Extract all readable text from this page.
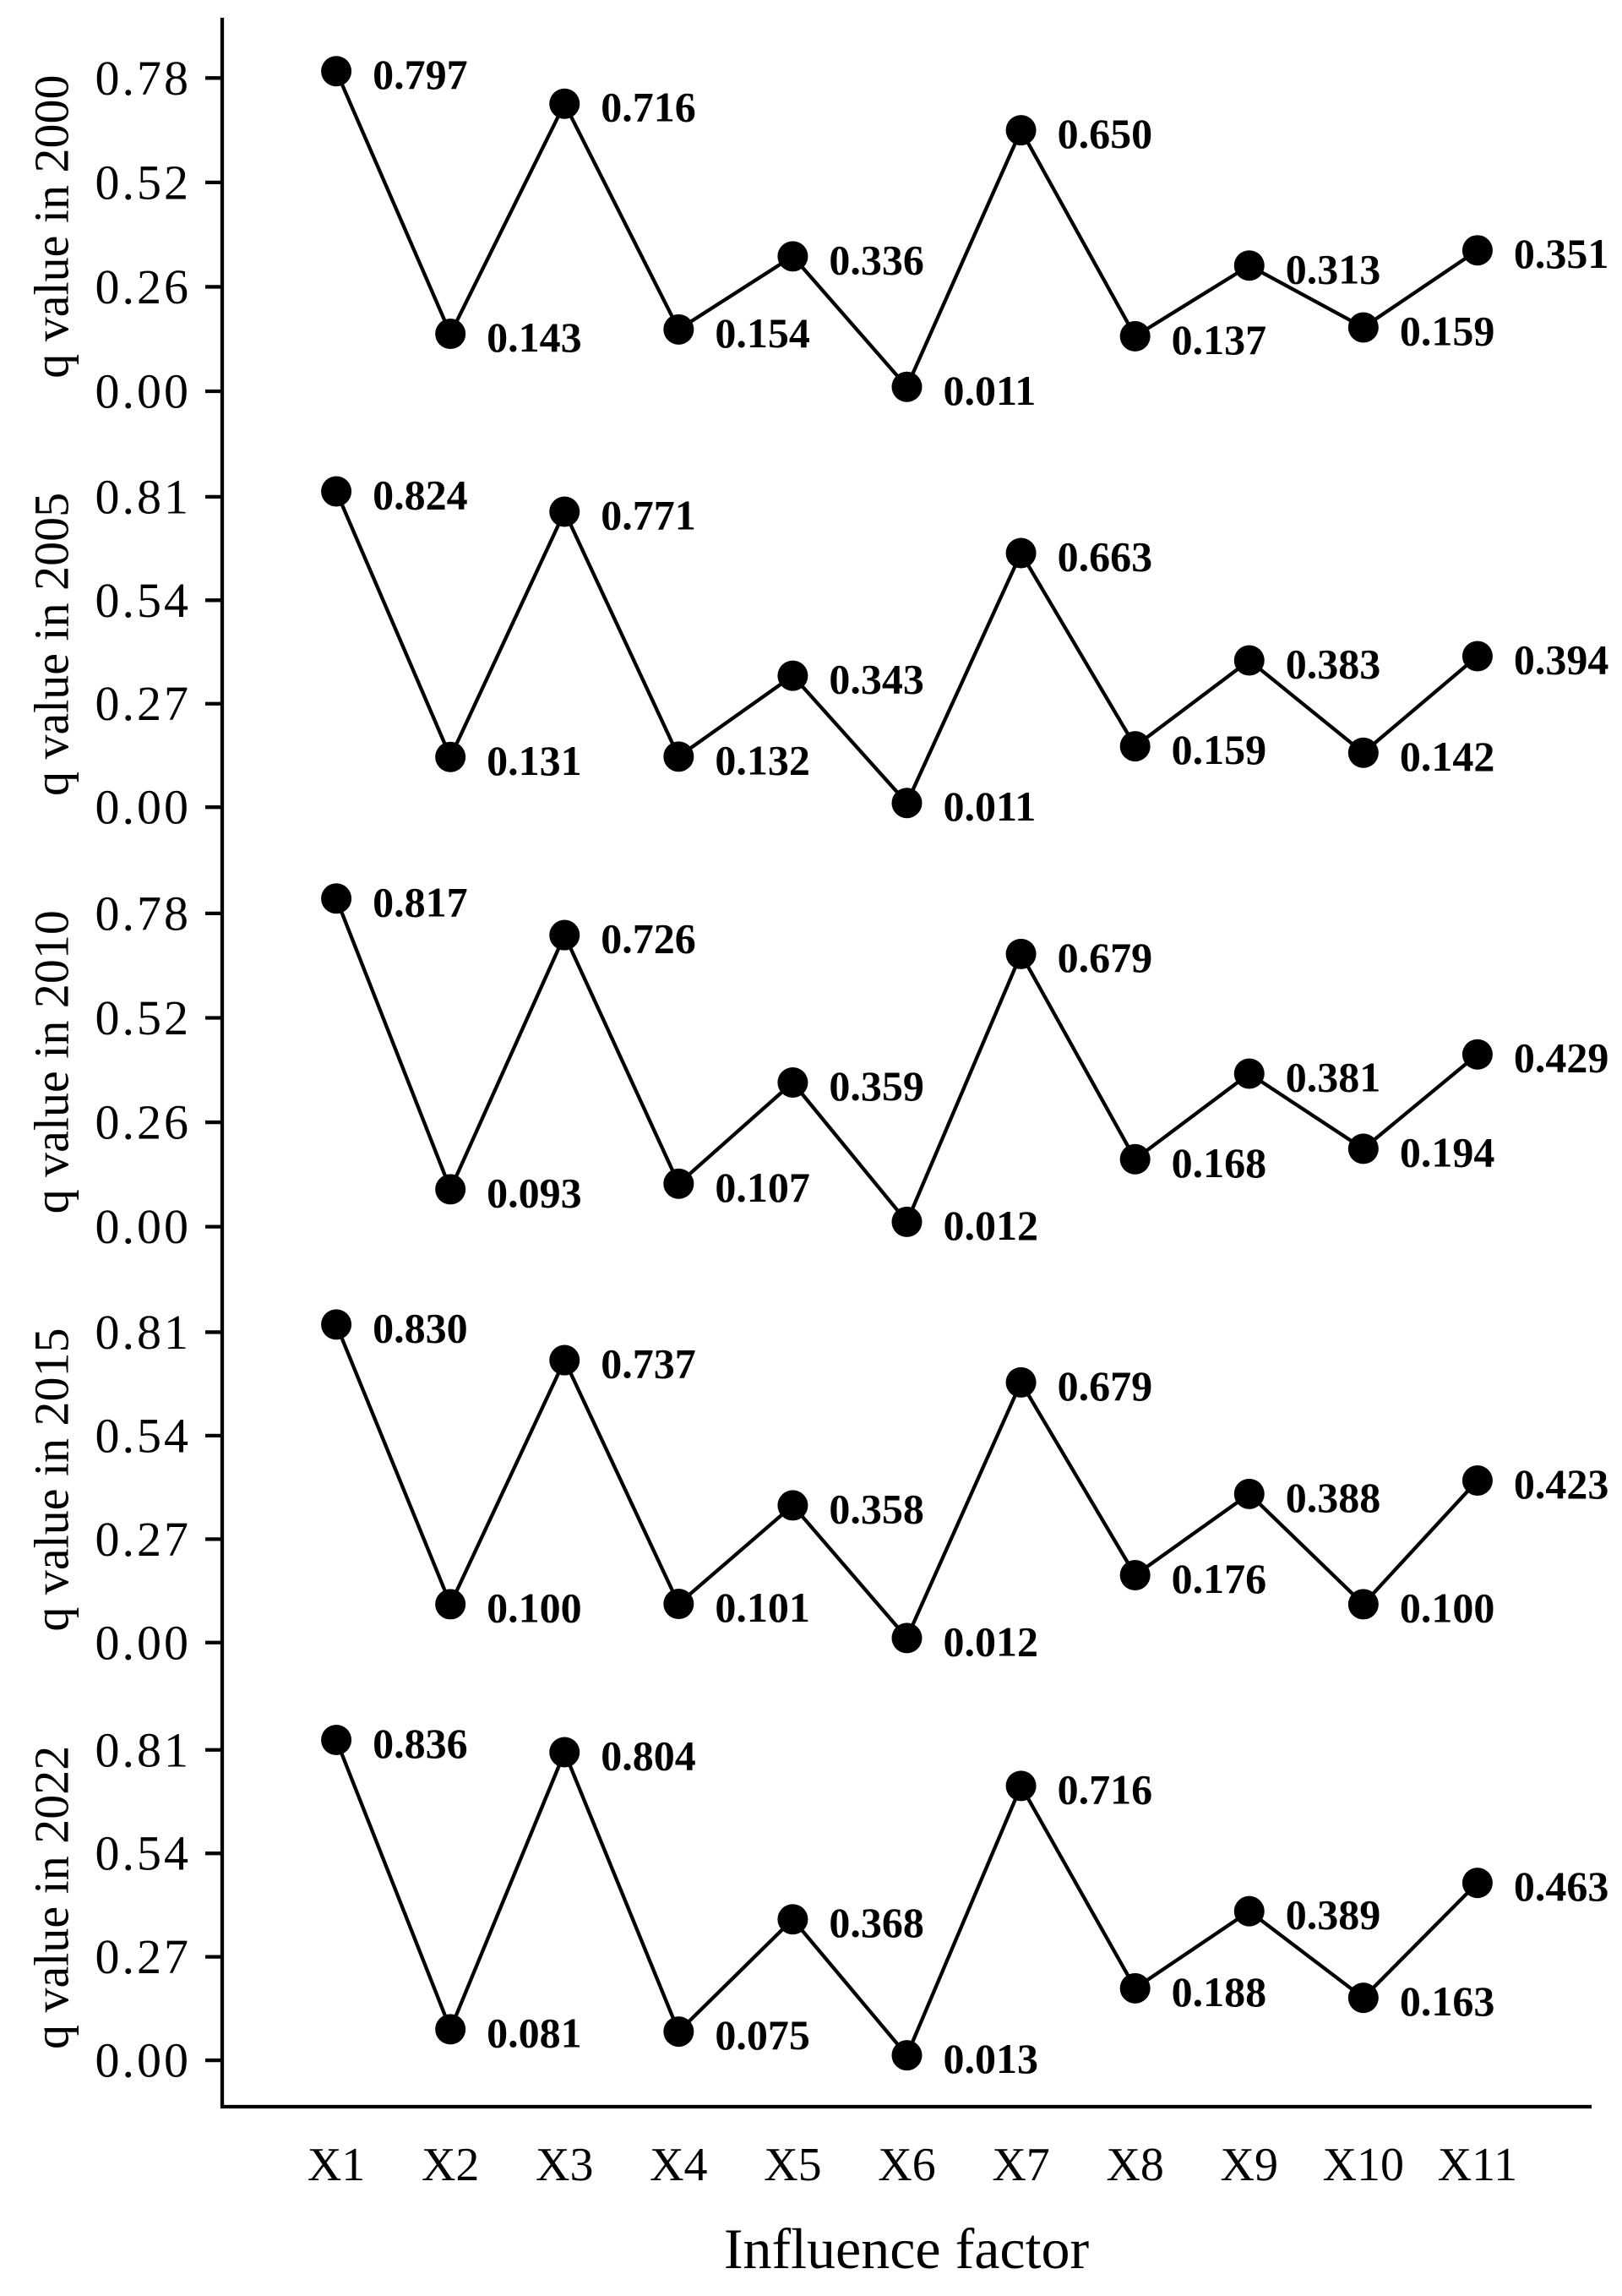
0.00
0.26
0.52
0.78
q value in 2000
0.797
0.143
0.716
0.154
0.336
0.011
0.650
0.137
0.313
0.159
0.351
0.00
0.27
0.54
0.81
q value in 2005	0.824
0.131
0.771
0.132
0.343
0.011
0.663
0.159
0.383
0.142
0.394
0.00
0.26
0.52
0.78
q value in 2010
0.817
0.093
0.726
0.107
0.359
0.012
0.679
0.168
0.381
0.194
0.429
0.00
0.27
0.54
0.81
q value in 2015
0.830
0.100
0.737
0.101
0.358
0.012
0.679
0.176
0.388
0.100
0.423
0.00
0.27
0.54
0.81
q value in 2022
0.836
0.081
0.804
0.075
0.368
0.013
0.716
0.188
0.389
0.163
0.463
X1 X2 X3 X4 X5 X6 X7 X8 X9 X10 X11
Influence factor
